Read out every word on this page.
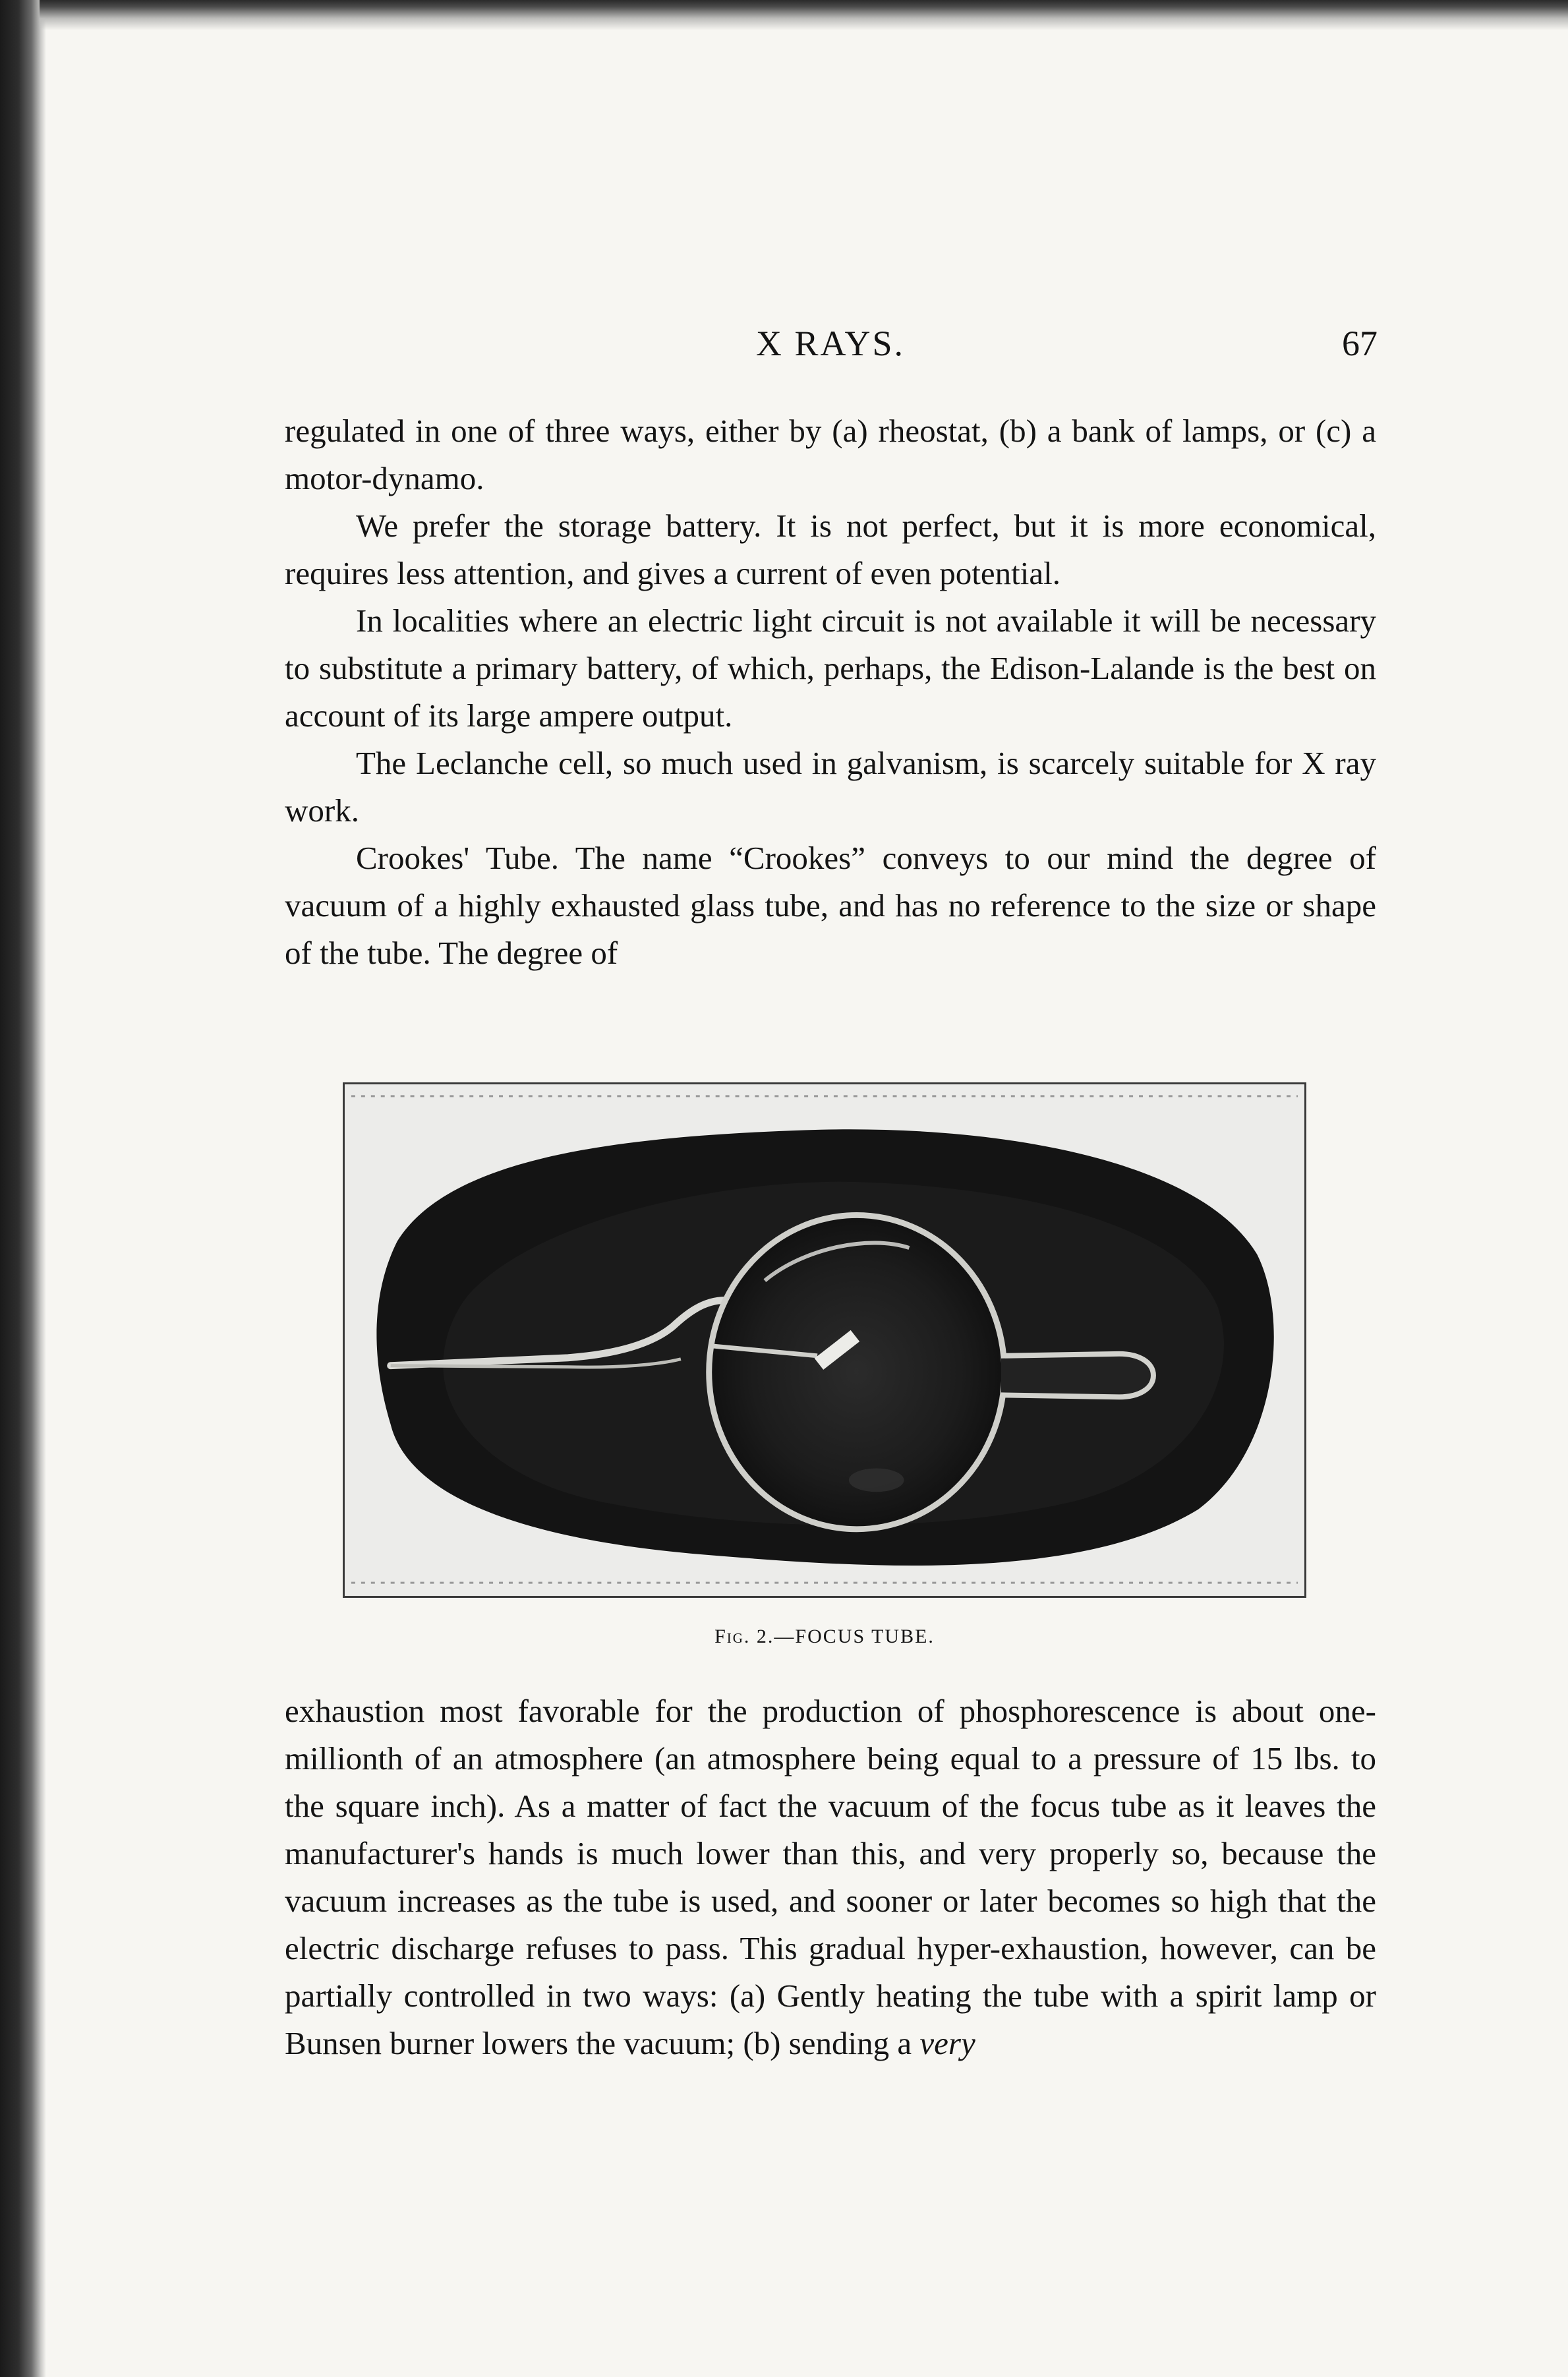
X RAYS.	67

regulated in one of three ways, either by (a) rheostat, (b) a bank of lamps, or (c) a motor-dynamo.

We prefer the storage battery. It is not perfect, but it is more economical, requires less attention, and gives a current of even potential.

In localities where an electric light circuit is not available it will be necessary to substitute a primary battery, of which, perhaps, the Edison-Lalande is the best on account of its large ampere output.

The Leclanche cell, so much used in galvanism, is scarcely suitable for X ray work.

Crookes' Tube. The name “Crookes” conveys to our mind the degree of vacuum of a highly exhausted glass tube, and has no reference to the size or shape of the tube. The degree of

Fig. 2.—FOCUS TUBE.

exhaustion most favorable for the production of phosphorescence is about one-millionth of an atmosphere (an atmosphere being equal to a pressure of 15 lbs. to the square inch). As a matter of fact the vacuum of the focus tube as it leaves the manufacturer's hands is much lower than this, and very properly so, because the vacuum increases as the tube is used, and sooner or later becomes so high that the electric discharge refuses to pass. This gradual hyper-exhaustion, however, can be partially controlled in two ways: (a) Gently heating the tube with a spirit lamp or Bunsen burner lowers the vacuum; (b) sending a very
